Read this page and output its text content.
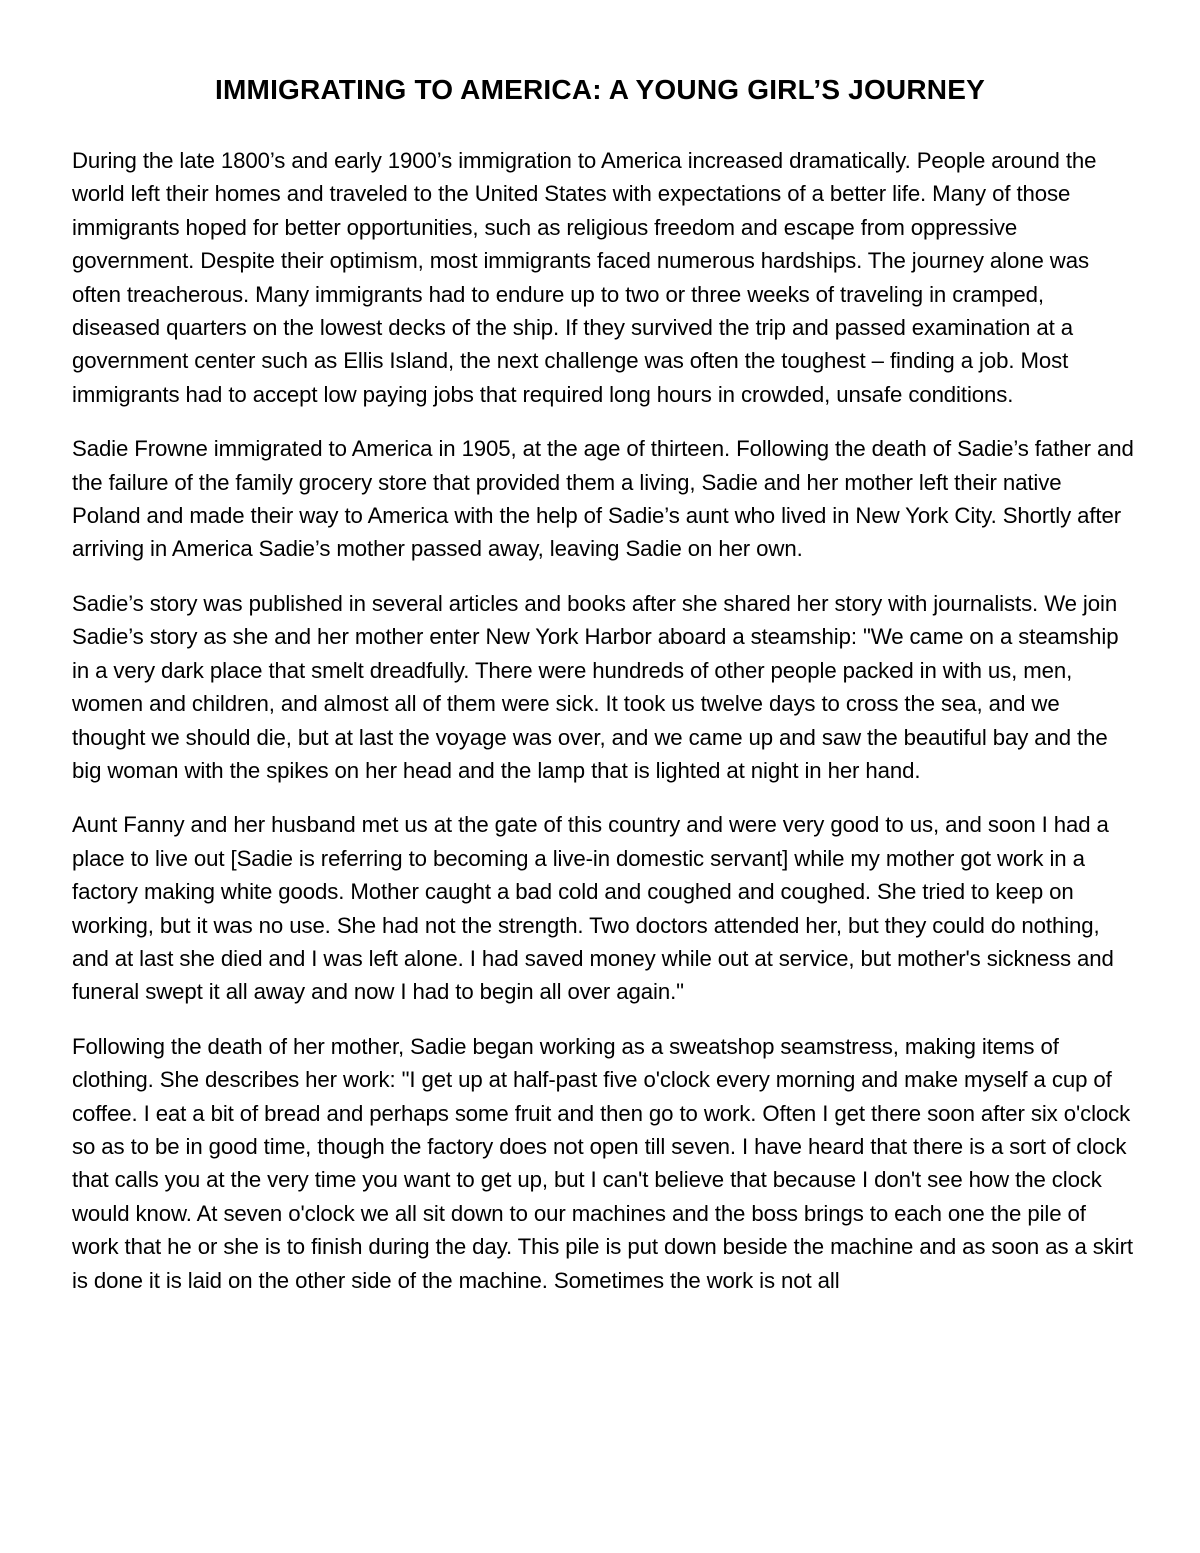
IMMIGRATING TO AMERICA: A YOUNG GIRL’S JOURNEY

During the late 1800’s and early 1900’s immigration to America increased dramatically. People around the world left their homes and traveled to the United States with expectations of a better life. Many of those immigrants hoped for better opportunities, such as religious freedom and escape from oppressive government. Despite their optimism, most immigrants faced numerous hardships. The journey alone was often treacherous. Many immigrants had to endure up to two or three weeks of traveling in cramped, diseased quarters on the lowest decks of the ship. If they survived the trip and passed examination at a government center such as Ellis Island, the next challenge was often the toughest – finding a job. Most immigrants had to accept low paying jobs that required long hours in crowded, unsafe conditions.

Sadie Frowne immigrated to America in 1905, at the age of thirteen. Following the death of Sadie’s father and the failure of the family grocery store that provided them a living, Sadie and her mother left their native Poland and made their way to America with the help of Sadie’s aunt who lived in New York City. Shortly after arriving in America Sadie’s mother passed away, leaving Sadie on her own.

Sadie’s story was published in several articles and books after she shared her story with journalists. We join Sadie’s story as she and her mother enter New York Harbor aboard a steamship: "We came on a steamship in a very dark place that smelt dreadfully. There were hundreds of other people packed in with us, men, women and children, and almost all of them were sick. It took us twelve days to cross the sea, and we thought we should die, but at last the voyage was over, and we came up and saw the beautiful bay and the big woman with the spikes on her head and the lamp that is lighted at night in her hand.

Aunt Fanny and her husband met us at the gate of this country and were very good to us, and soon I had a place to live out [Sadie is referring to becoming a live-in domestic servant] while my mother got work in a factory making white goods. Mother caught a bad cold and coughed and coughed. She tried to keep on working, but it was no use. She had not the strength. Two doctors attended her, but they could do nothing, and at last she died and I was left alone. I had saved money while out at service, but mother's sickness and funeral swept it all away and now I had to begin all over again."

Following the death of her mother, Sadie began working as a sweatshop seamstress, making items of clothing. She describes her work: "I get up at half-past five o'clock every morning and make myself a cup of coffee. I eat a bit of bread and perhaps some fruit and then go to work. Often I get there soon after six o'clock so as to be in good time, though the factory does not open till seven. I have heard that there is a sort of clock that calls you at the very time you want to get up, but I can't believe that because I don't see how the clock would know. At seven o'clock we all sit down to our machines and the boss brings to each one the pile of work that he or she is to finish during the day. This pile is put down beside the machine and as soon as a skirt is done it is laid on the other side of the machine. Sometimes the work is not all
